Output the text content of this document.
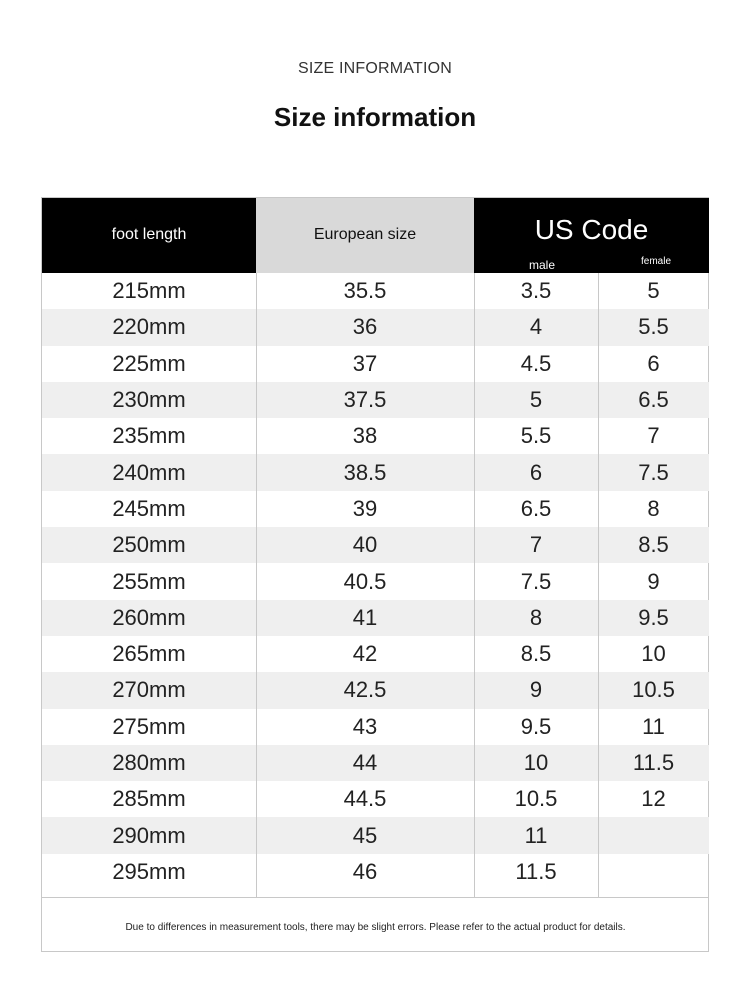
SIZE INFORMATION
Size information
foot length	European size	US Code
male	female
215mm	35.5	3.5	5
220mm	36	4	5.5
225mm	37	4.5	6
230mm	37.5	5	6.5
235mm	38	5.5	7
240mm	38.5	6	7.5
245mm	39	6.5	8
250mm	40	7	8.5
255mm	40.5	7.5	9
260mm	41	8	9.5
265mm	42	8.5	10
270mm	42.5	9	10.5
275mm	43	9.5	11
280mm	44	10	11.5
285mm	44.5	10.5	12
290mm	45	11
295mm	46	11.5
Due to differences in measurement tools, there may be slight errors. Please refer to the actual product for details.
